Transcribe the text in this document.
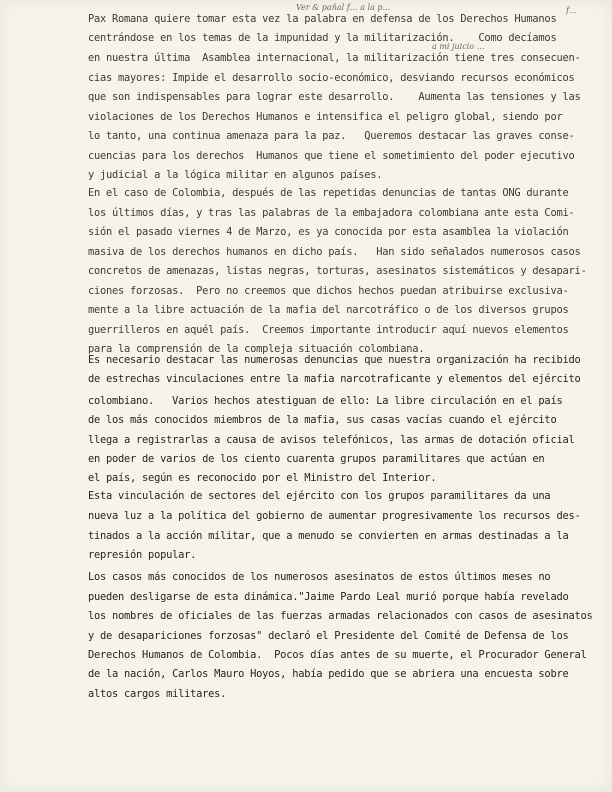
Ver & pañal f… a la p…	f…
a mi juicio …
Pax Romana quiere tomar esta vez la palabra en defensa de los Derechos Humanos
centrándose en los temas de la impunidad y la militarización.    Como decíamos
en nuestra última  Asamblea internacional, la militarización tiene tres consecuen-
cias mayores: Impide el desarrollo socio-económico, desviando recursos económicos
que son indispensables para lograr este desarrollo.    Aumenta las tensiones y las
violaciones de los Derechos Humanos e intensifica el peligro global, siendo por
lo tanto, una continua amenaza para la paz.   Queremos destacar las graves conse-
cuencias para los derechos  Humanos que tiene el sometimiento del poder ejecutivo
y judicial a la lógica militar en algunos países.
En el caso de Colombia, después de las repetidas denuncias de tantas ONG durante
los últimos días, y tras las palabras de la embajadora colombiana ante esta Comi-
sión el pasado viernes 4 de Marzo, es ya conocida por esta asamblea la violación
masiva de los derechos humanos en dicho país.   Han sido señalados numerosos casos
concretos de amenazas, listas negras, torturas, asesinatos sistemáticos y desapari-
ciones forzosas.  Pero no creemos que dichos hechos puedan atribuirse exclusiva-
mente a la libre actuación de la mafia del narcotráfico o de los diversos grupos
guerrilleros en aquél país.  Creemos importante introducir aquí nuevos elementos
para la comprensión de la compleja situación colombiana.
Es necesario destacar las numerosas denuncias que nuestra organización ha recibido
de estrechas vinculaciones entre la mafia narcotraficante y elementos del ejército
colombiano.   Varios hechos atestiguan de ello: La libre circulación en el país
de los más conocidos miembros de la mafia, sus casas vacías cuando el ejército
llega a registrarlas a causa de avisos telefónicos, las armas de dotación oficial
en poder de varios de los ciento cuarenta grupos paramilitares que actúan en
el país, según es reconocido por el Ministro del Interior.
Esta vinculación de sectores del ejército con los grupos paramilitares da una
nueva luz a la política del gobierno de aumentar progresivamente los recursos des-
tinados a la acción militar, que a menudo se convierten en armas destinadas a la
represión popular.
Los casos más conocidos de los numerosos asesinatos de estos últimos meses no
pueden desligarse de esta dinámica."Jaime Pardo Leal murió porque había revelado
los nombres de oficiales de las fuerzas armadas relacionados con casos de asesinatos
y de desapariciones forzosas" declaró el Presidente del Comité de Defensa de los
Derechos Humanos de Colombia.  Pocos días antes de su muerte, el Procurador General
de la nación, Carlos Mauro Hoyos, había pedido que se abriera una encuesta sobre
altos cargos militares.
